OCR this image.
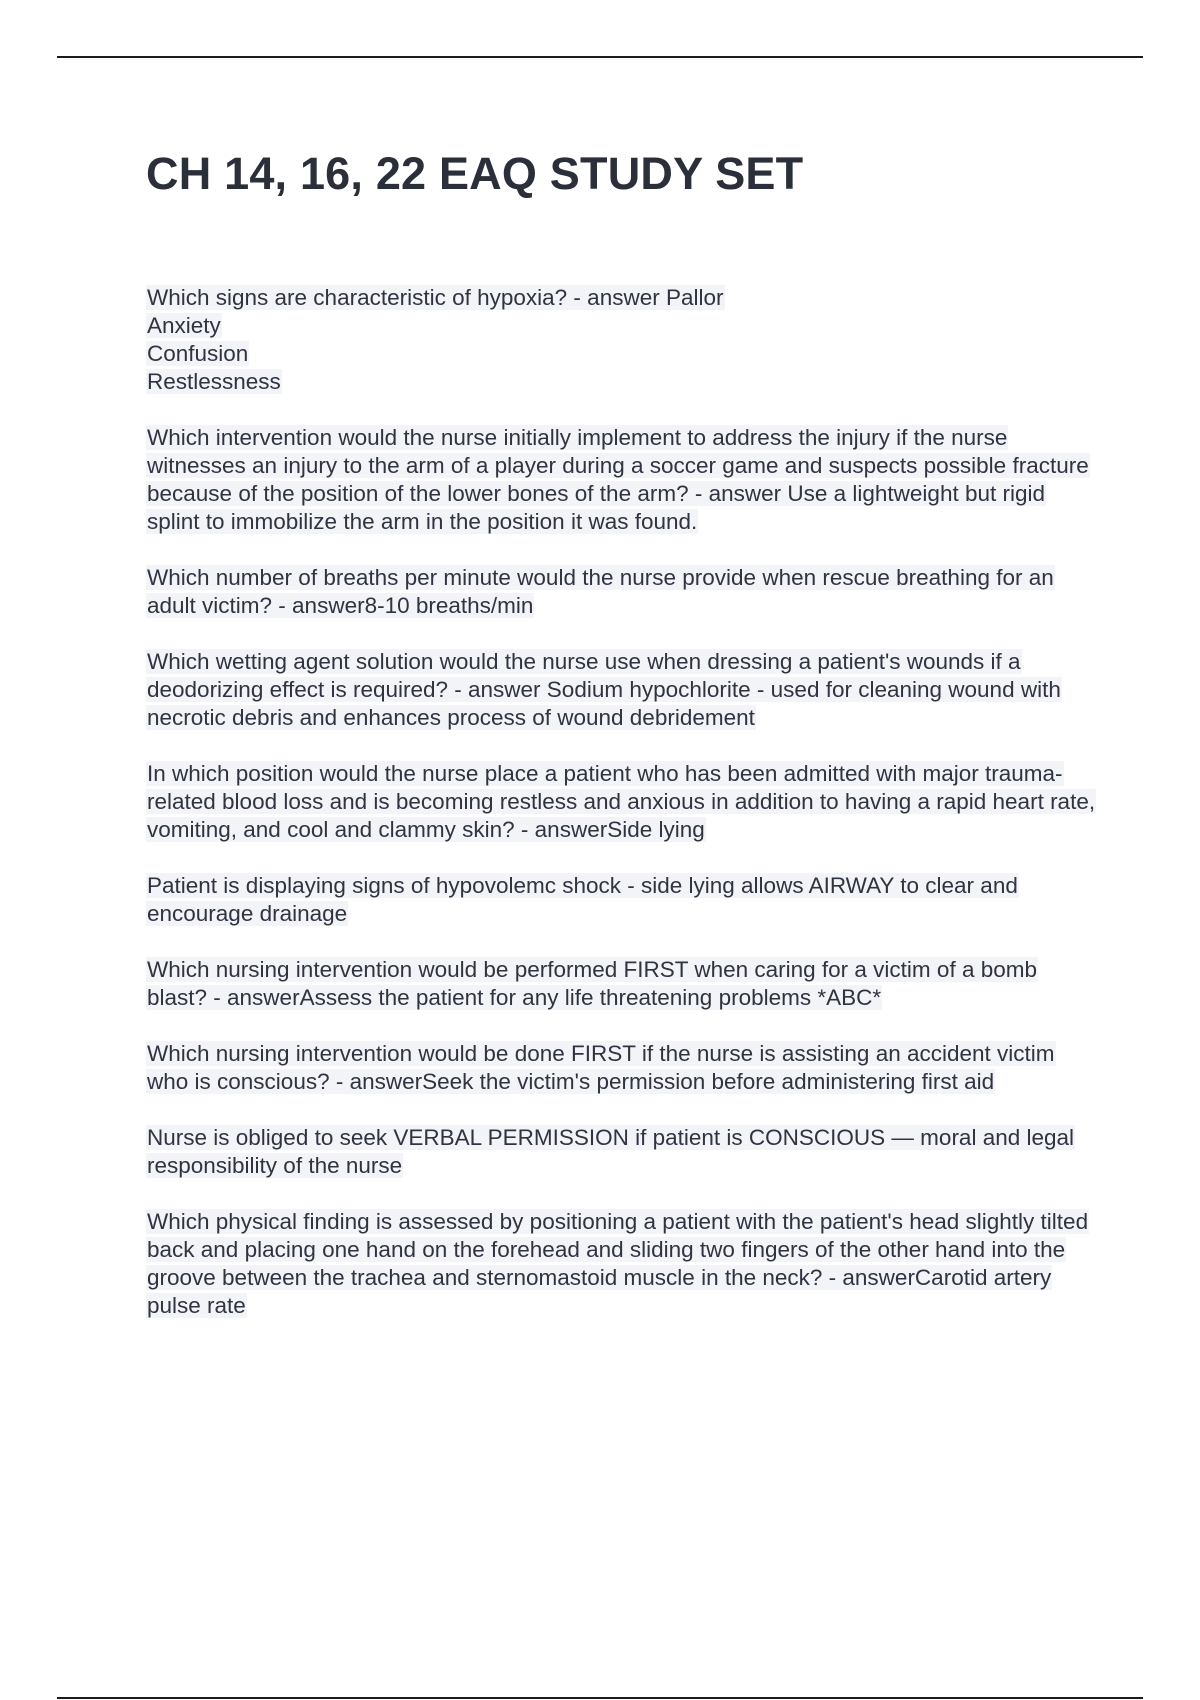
CH 14, 16, 22 EAQ STUDY SET

Which signs are characteristic of hypoxia? - answer Pallor
Anxiety
Confusion
Restlessness

Which intervention would the nurse initially implement to address the injury if the nurse witnesses an injury to the arm of a player during a soccer game and suspects possible fracture because of the position of the lower bones of the arm? - answer Use a lightweight but rigid splint to immobilize the arm in the position it was found.

Which number of breaths per minute would the nurse provide when rescue breathing for an adult victim? - answer8-10 breaths/min

Which wetting agent solution would the nurse use when dressing a patient's wounds if a deodorizing effect is required? - answer Sodium hypochlorite - used for cleaning wound with necrotic debris and enhances process of wound debridement

In which position would the nurse place a patient who has been admitted with major trauma-related blood loss and is becoming restless and anxious in addition to having a rapid heart rate, vomiting, and cool and clammy skin? - answerSide lying

Patient is displaying signs of hypovolemc shock - side lying allows AIRWAY to clear and encourage drainage

Which nursing intervention would be performed FIRST when caring for a victim of a bomb blast? - answerAssess the patient for any life threatening problems *ABC*

Which nursing intervention would be done FIRST if the nurse is assisting an accident victim who is conscious? - answerSeek the victim's permission before administering first aid

Nurse is obliged to seek VERBAL PERMISSION if patient is CONSCIOUS — moral and legal responsibility of the nurse

Which physical finding is assessed by positioning a patient with the patient's head slightly tilted back and placing one hand on the forehead and sliding two fingers of the other hand into the groove between the trachea and sternomastoid muscle in the neck? - answerCarotid artery pulse rate
